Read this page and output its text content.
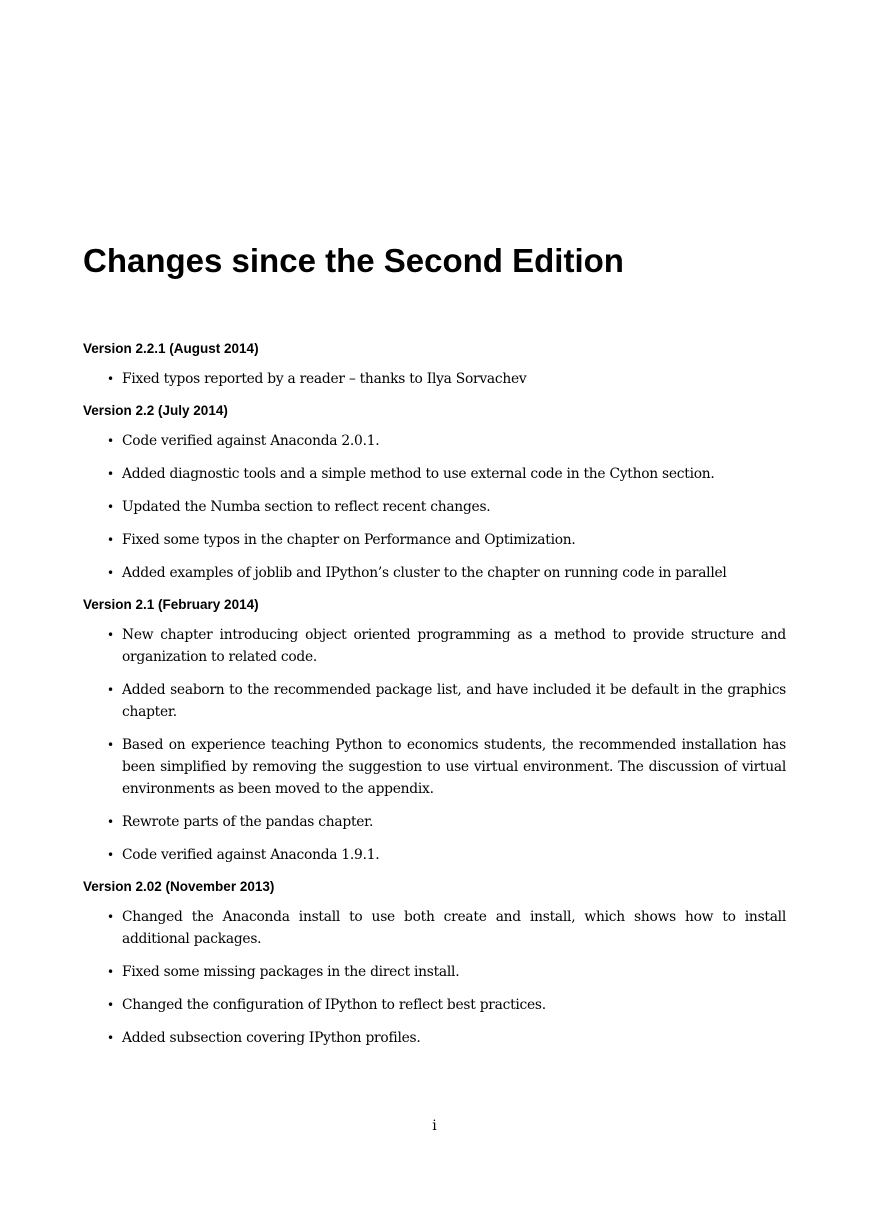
Changes since the Second Edition
Version 2.2.1 (August 2014)
• Fixed typos reported by a reader – thanks to Ilya Sorvachev
Version 2.2 (July 2014)
• Code verified against Anaconda 2.0.1.
• Added diagnostic tools and a simple method to use external code in the Cython section.
• Updated the Numba section to reflect recent changes.
• Fixed some typos in the chapter on Performance and Optimization.
• Added examples of joblib and IPython’s cluster to the chapter on running code in parallel
Version 2.1 (February 2014)
• New chapter introducing object oriented programming as a method to provide structure and organization to related code.
• Added seaborn to the recommended package list, and have included it be default in the graphics chapter.
• Based on experience teaching Python to economics students, the recommended installation has been simplified by removing the suggestion to use virtual environment. The discussion of virtual environments as been moved to the appendix.
• Rewrote parts of the pandas chapter.
• Code verified against Anaconda 1.9.1.
Version 2.02 (November 2013)
• Changed the Anaconda install to use both create and install, which shows how to install additional packages.
• Fixed some missing packages in the direct install.
• Changed the configuration of IPython to reflect best practices.
• Added subsection covering IPython profiles.
i
